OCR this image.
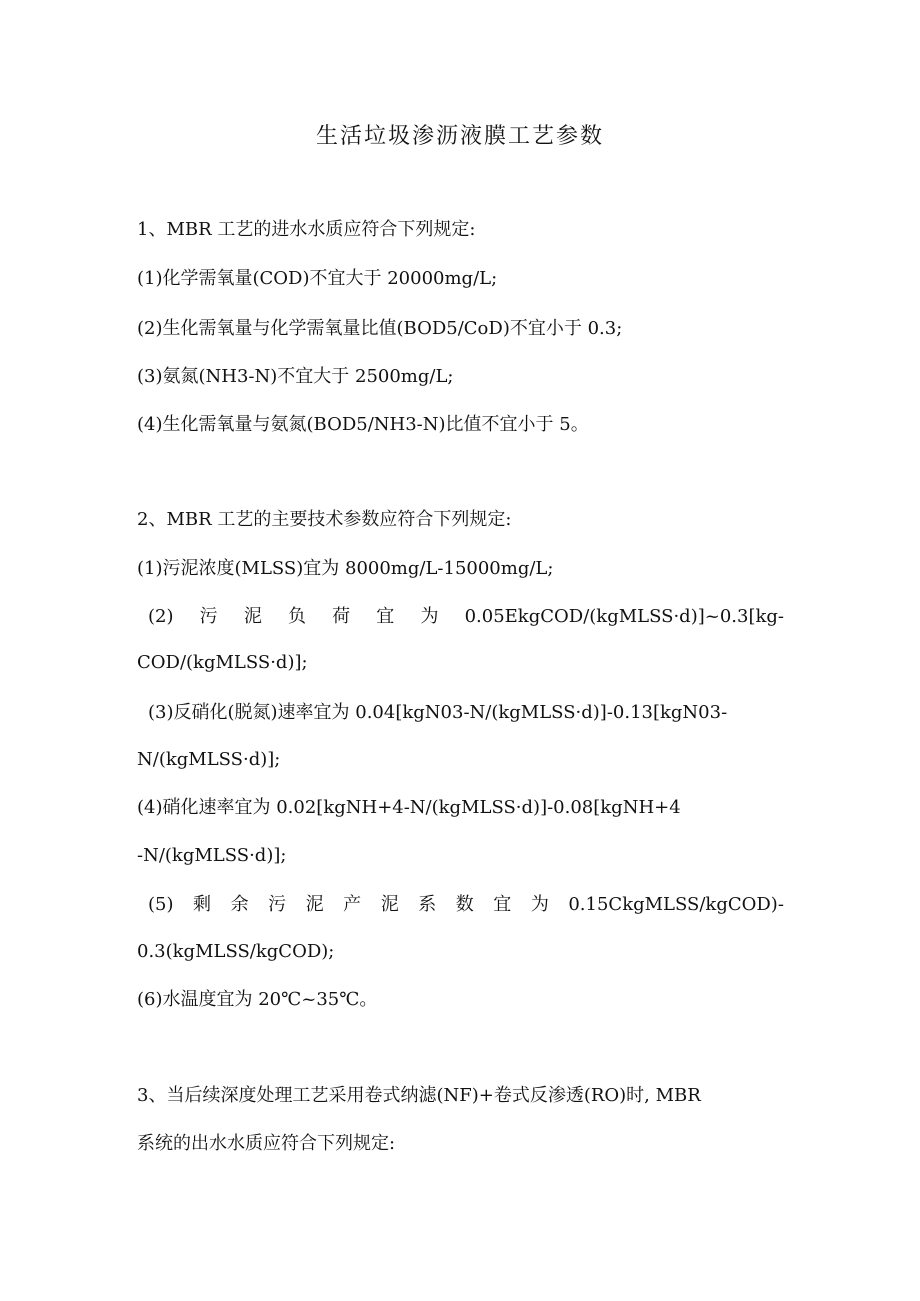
生活垃圾渗沥液膜工艺参数
1、MBR 工艺的进水水质应符合下列规定:
(1)化学需氧量(COD)不宜大于 20000mg/L;
(2)生化需氧量与化学需氧量比值(BOD5/CoD)不宜小于 0.3;
(3)氨氮(NH3-N)不宜大于 2500mg/L;
(4)生化需氧量与氨氮(BOD5/NH3-N)比值不宜小于 5。
2、MBR 工艺的主要技术参数应符合下列规定:
(1)污泥浓度(MLSS)宜为 8000mg/L-15000mg/L;
(2) 污 泥 负 荷 宜 为 0.05EkgCOD/(kgMLSS·d)]~0.3[kg-
COD/(kgMLSS·d)];
(3)反硝化(脱氮)速率宜为 0.04[kgN03-N/(kgMLSS·d)]-0.13[kgN03-
N/(kgMLSS·d)];
(4)硝化速率宜为 0.02[kgNH+4-N/(kgMLSS·d)]-0.08[kgNH+4
-N/(kgMLSS·d)];
(5) 剩 余 污 泥 产 泥 系 数 宜 为 0.15CkgMLSS/kgCOD)-
0.3(kgMLSS/kgCOD);
(6)水温度宜为 20℃~35℃。
3、当后续深度处理工艺采用卷式纳滤(NF)+卷式反渗透(RO)时, MBR
系统的出水水质应符合下列规定:
